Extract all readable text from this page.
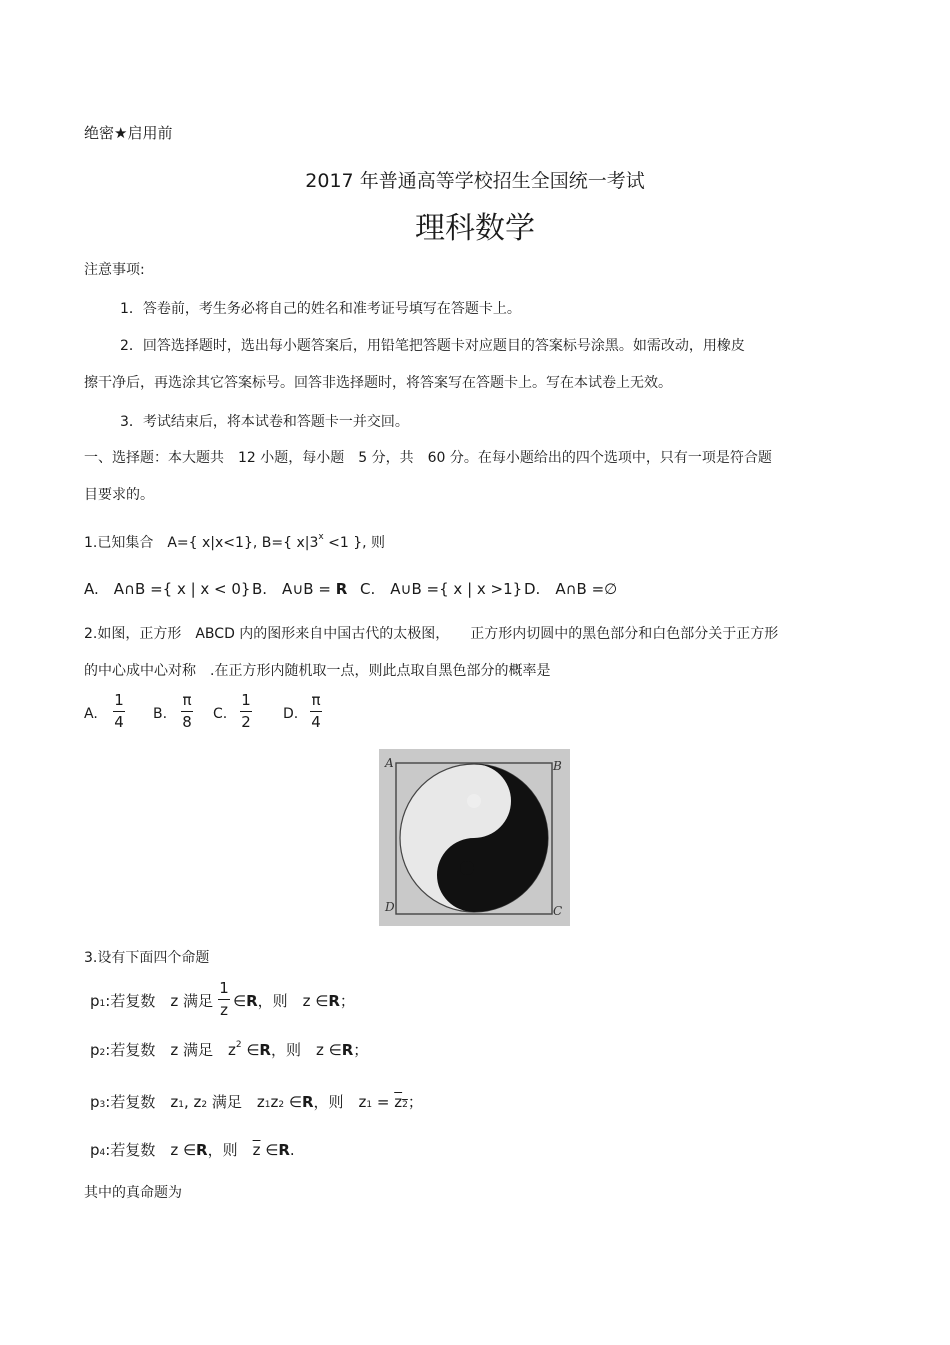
绝密★启用前
2017 年普通高等学校招生全国统一考试
理科数学
注意事项:
1．答卷前，考生务必将自己的姓名和准考证号填写在答题卡上。
2．回答选择题时，选出每小题答案后，用铅笔把答题卡对应题目的答案标号涂黑。如需改动，用橡皮
擦干净后，再选涂其它答案标号。回答非选择题时，将答案写在答题卡上。写在本试卷上无效。
3．考试结束后，将本试卷和答题卡一并交回。
一、选择题：本大题共　12 小题，每小题　5 分，共　60 分。在每小题给出的四个选项中，只有一项是符合题
目要求的。
1.已知集合　A={ x|x<1}, B={ $x|3^x <1$ }, 则
A.　A∩B ={ x | x < 0} B.　A∪B = R C.　A∪B ={ x | x >1} D.　A∩B =∅
2.如图，正方形　ABCD 内的图形来自中国古代的太极图，　　正方形内切圆中的黑色部分和白色部分关于正方形
的中心成中心对称　.在正方形内随机取一点，则此点取自黑色部分的概率是
A.
1
4 B.
π
8 C.
1
2 D.
π
4
A	B
C
D
3.设有下面四个命题
p1:若复数　z 满足
1
z ∈R，则　z ∈R；
p2:若复数　z 满足　$z^2$ ∈R，则　z ∈R；
p3:若复数　z1, z2 满足　z1z2 ∈R，则　z1 = z2；
p4:若复数　z ∈R，则　$\overline{z}$ ∈R.
其中的真命题为
